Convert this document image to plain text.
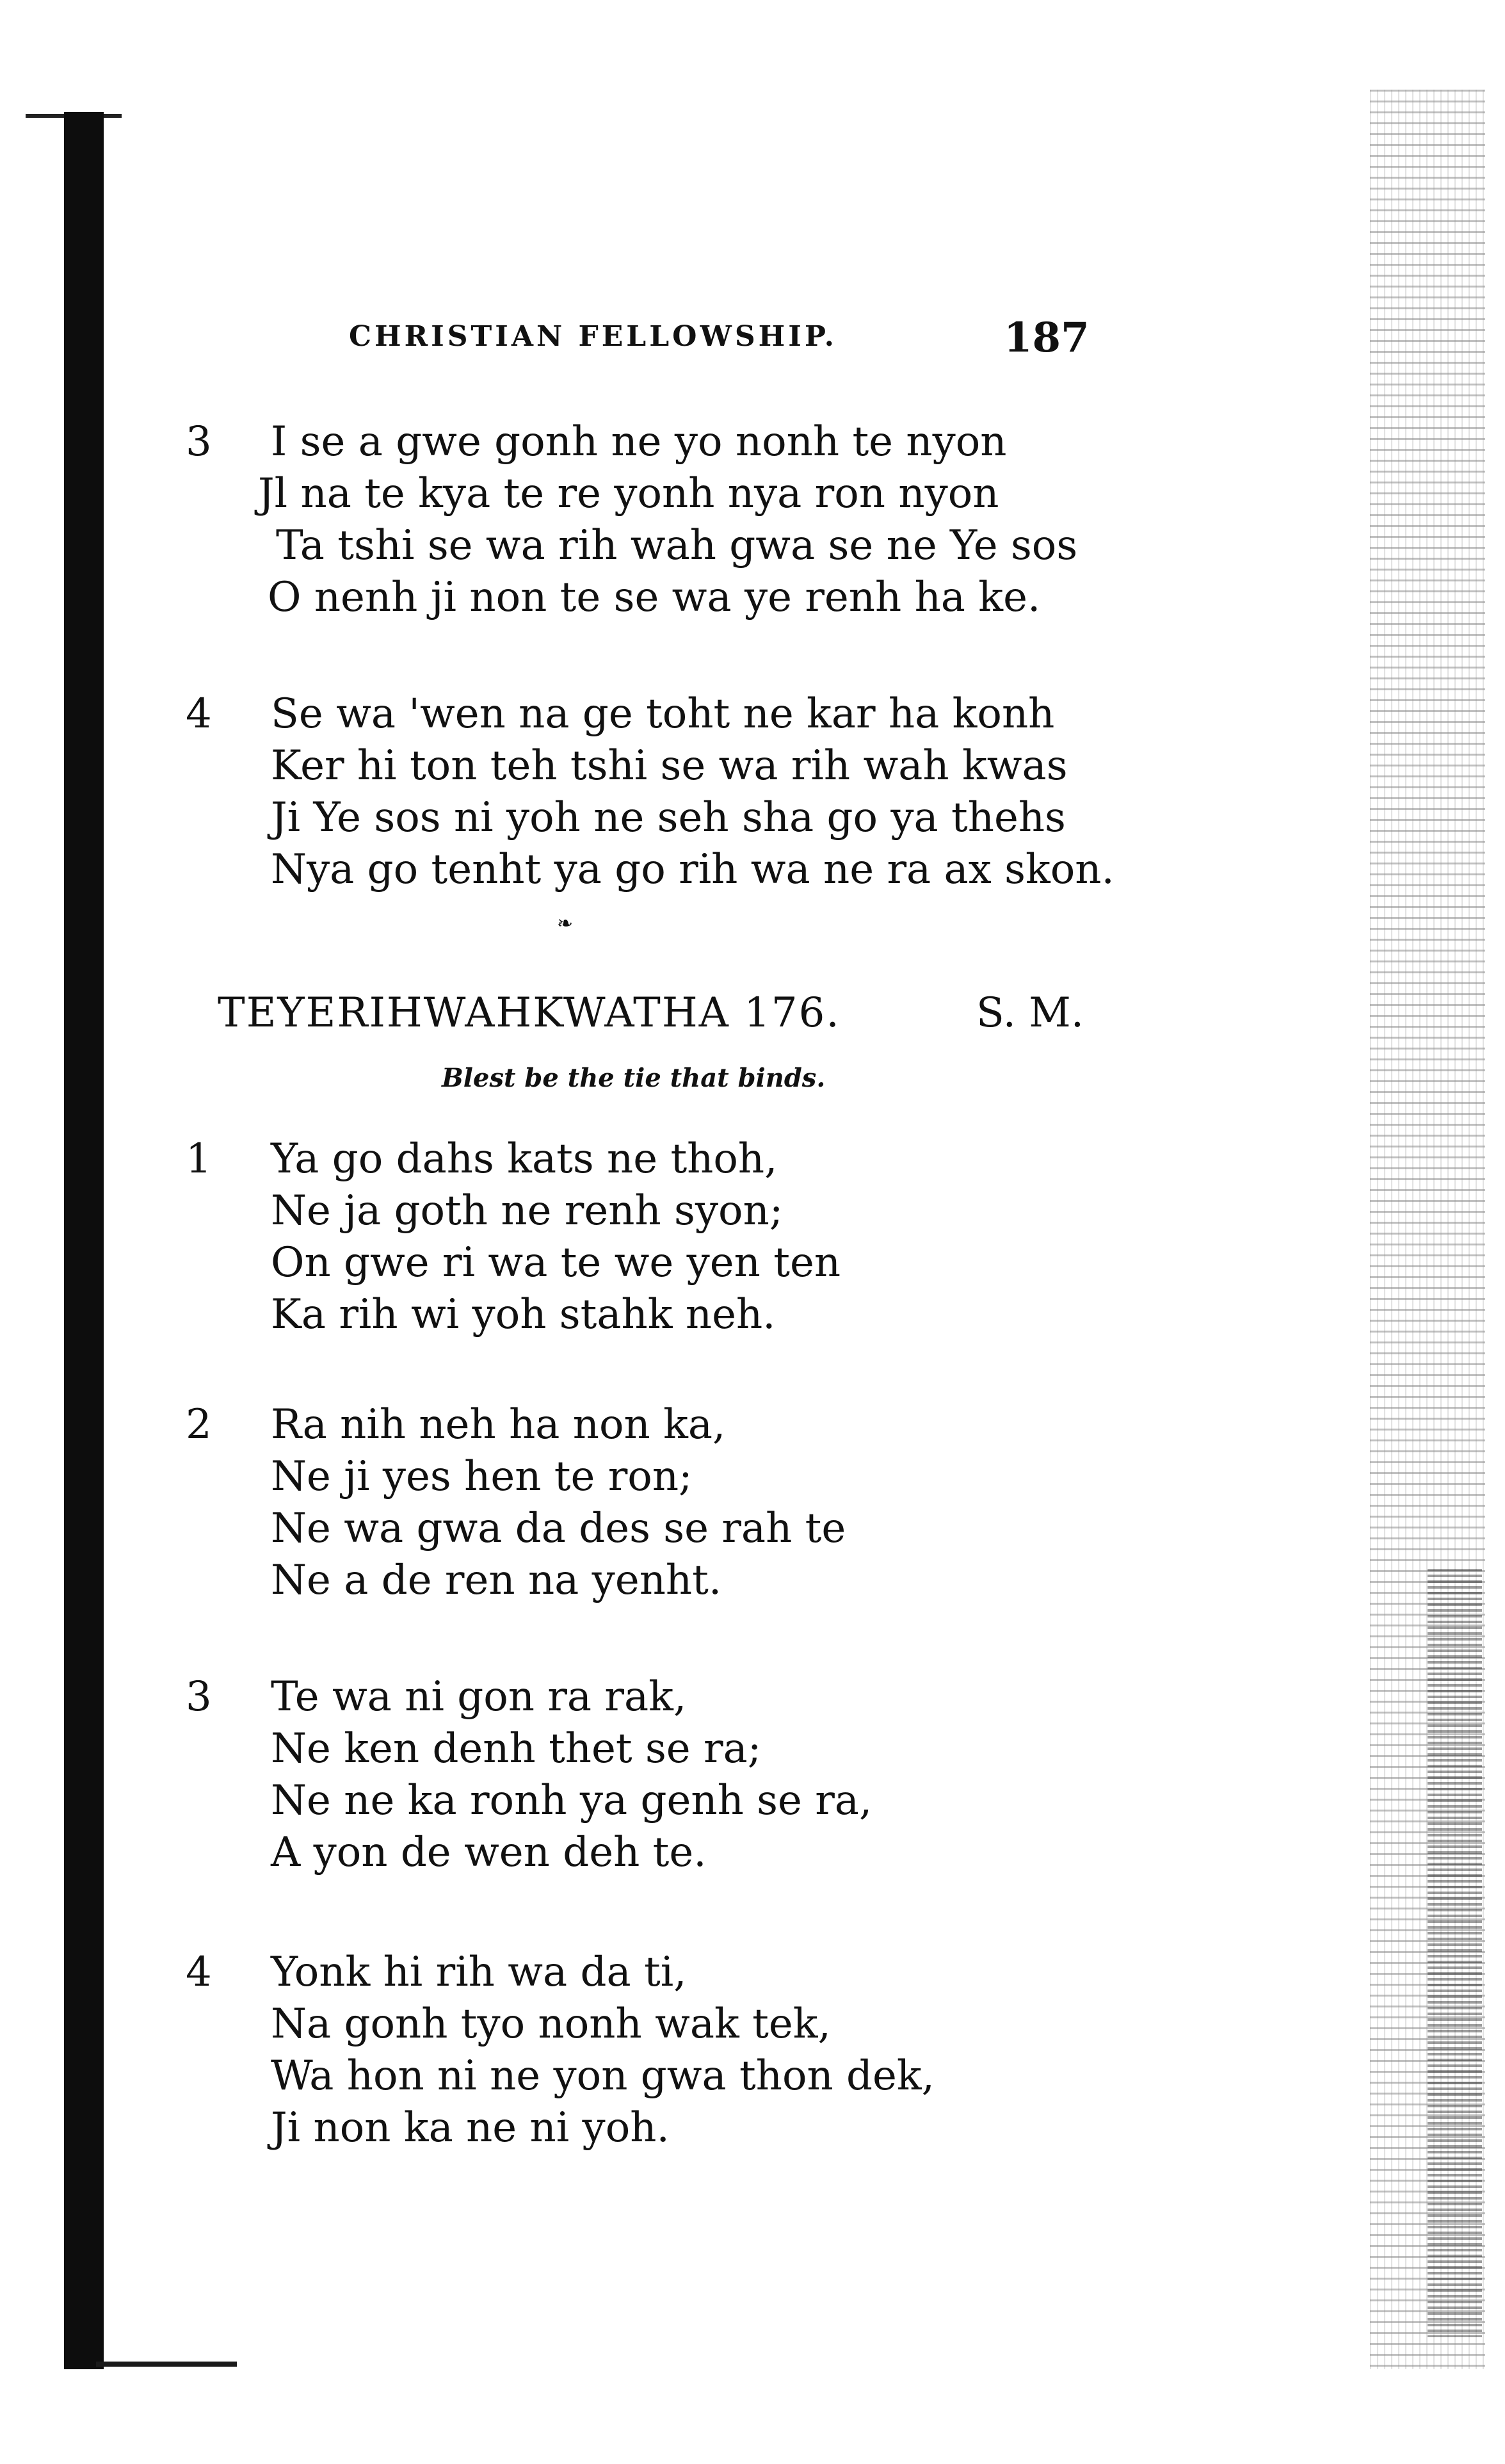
CHRISTIAN FELLOWSHIP.	187
3	I se a gwe gonh ne yo nonh te nyon
Jl na te kya te re yonh nya ron nyon
Ta tshi se wa rih wah gwa se ne Ye sos
O nenh ji non te se wa ye renh ha ke.
4	Se wa 'wen na ge toht ne kar ha konh
Ker hi ton teh tshi se wa rih wah kwas
Ji Ye sos ni yoh ne seh sha go ya thehs
Nya go tenht ya go rih wa ne ra ax skon.
❧
TEYERIHWAHKWATHA 176.	S. M.
Blest be the tie that binds.
1	Ya go dahs kats ne thoh,
Ne ja goth ne renh syon;
On gwe ri wa te we yen ten
Ka rih wi yoh stahk neh.
2	Ra nih neh ha non ka,
Ne ji yes hen te ron;
Ne wa gwa da des se rah te
Ne a de ren na yenht.
3	Te wa ni gon ra rak,
Ne ken denh thet se ra;
Ne ne ka ronh ya genh se ra,
A yon de wen deh te.
4	Yonk hi rih wa da ti,
Na gonh tyo nonh wak tek,
Wa hon ni ne yon gwa thon dek,
Ji non ka ne ni yoh.
